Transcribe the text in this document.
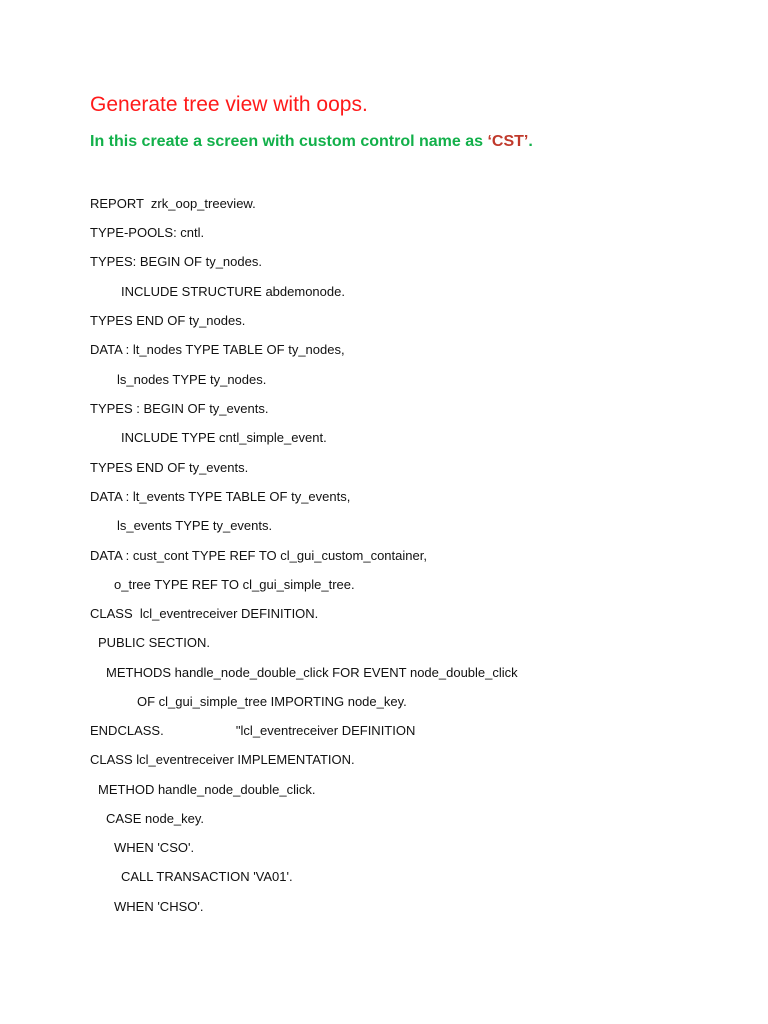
Generate tree view with oops.
In this create a screen with custom control name as ‘CST’.
REPORT  zrk_oop_treeview.
TYPE-POOLS: cntl.
TYPES: BEGIN OF ty_nodes.
INCLUDE STRUCTURE abdemonode.
TYPES END OF ty_nodes.
DATA : lt_nodes TYPE TABLE OF ty_nodes,
ls_nodes TYPE ty_nodes.
TYPES : BEGIN OF ty_events.
INCLUDE TYPE cntl_simple_event.
TYPES END OF ty_events.
DATA : lt_events TYPE TABLE OF ty_events,
ls_events TYPE ty_events.
DATA : cust_cont TYPE REF TO cl_gui_custom_container,
o_tree TYPE REF TO cl_gui_simple_tree.
CLASS  lcl_eventreceiver DEFINITION.
PUBLIC SECTION.
METHODS handle_node_double_click FOR EVENT node_double_click
OF cl_gui_simple_tree IMPORTING node_key.
ENDCLASS.                    "lcl_eventreceiver DEFINITION
CLASS lcl_eventreceiver IMPLEMENTATION.
METHOD handle_node_double_click.
CASE node_key.
WHEN 'CSO'.
CALL TRANSACTION 'VA01'.
WHEN 'CHSO'.
